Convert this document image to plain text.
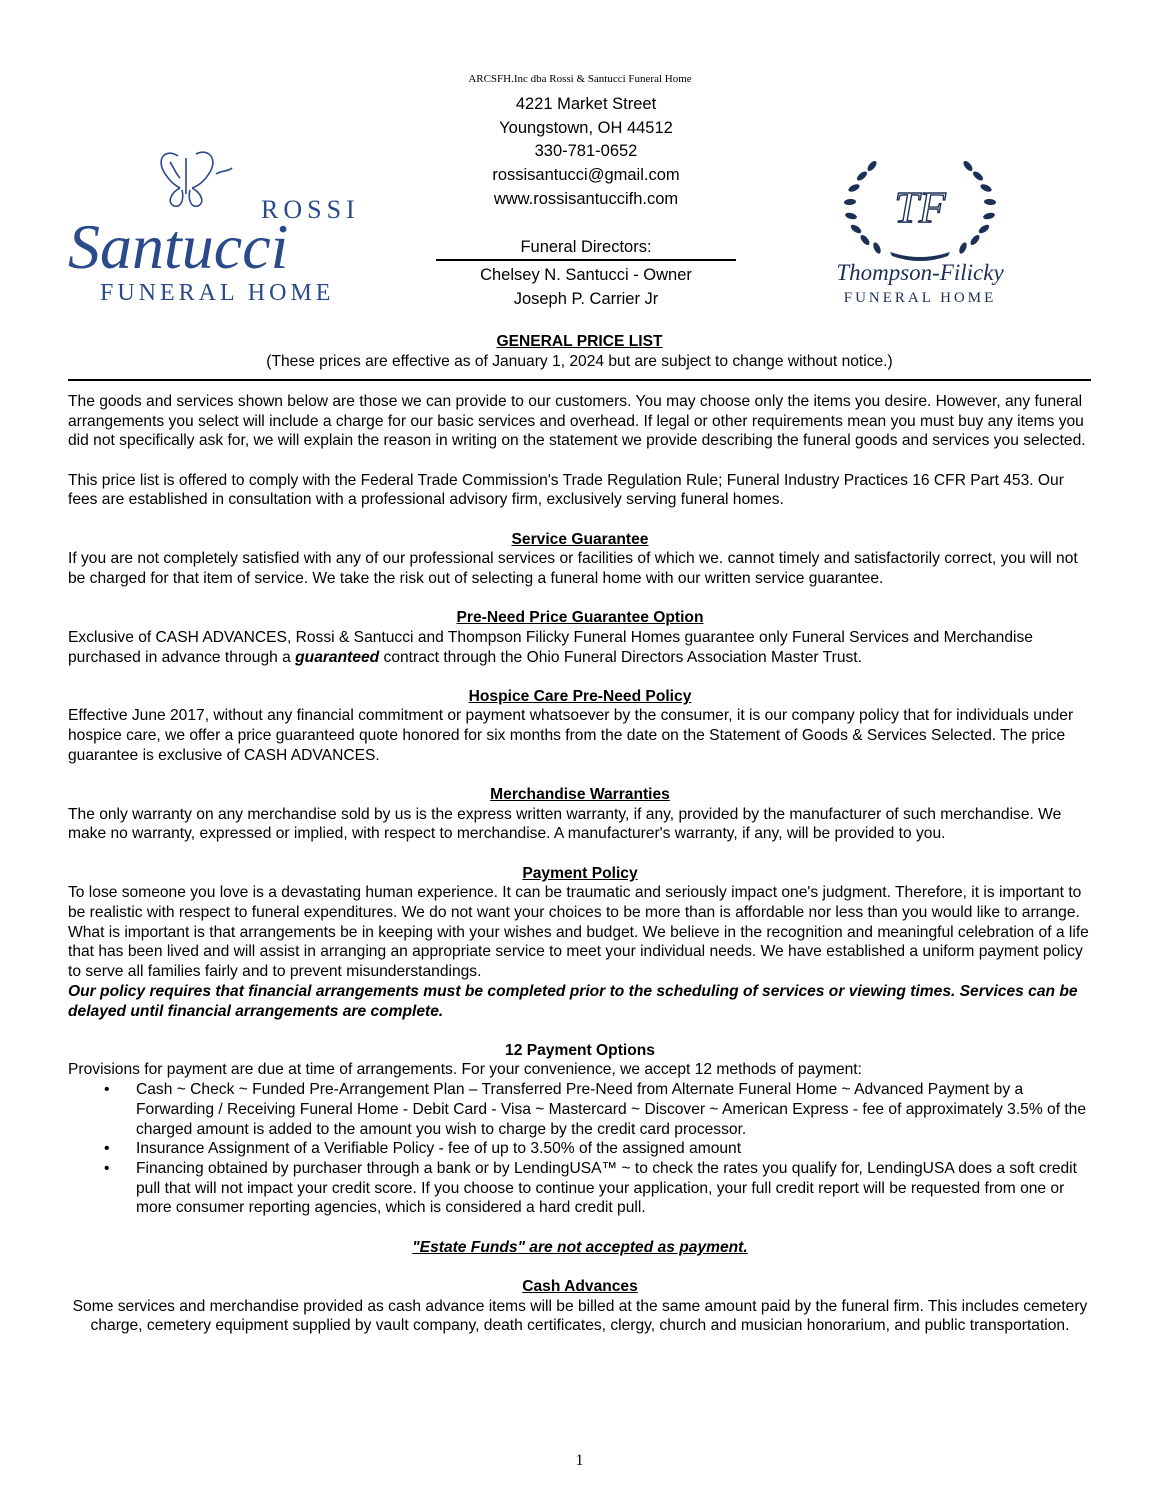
ARCSFH.Inc dba Rossi & Santucci Funeral Home
4221 Market Street
Youngstown, OH 44512
330-781-0652
rossisantucci@gmail.com
www.rossisantuccifh.com
Funeral Directors:
Chelsey N. Santucci - Owner
Joseph P. Carrier Jr
ROSSI
Santucci
FUNERAL HOME
TF
Thompson-Filicky
FUNERAL HOME
GENERAL PRICE LIST
(These prices are effective as of January 1, 2024 but are subject to change without notice.)

The goods and services shown below are those we can provide to our customers. You may choose only the items you desire. However, any funeral arrangements you select will include a charge for our basic services and overhead. If legal or other requirements mean you must buy any items you did not specifically ask for, we will explain the reason in writing on the statement we provide describing the funeral goods and services you selected.

This price list is offered to comply with the Federal Trade Commission's Trade Regulation Rule; Funeral Industry Practices 16 CFR Part 453. Our fees are established in consultation with a professional advisory firm, exclusively serving funeral homes.

Service Guarantee

If you are not completely satisfied with any of our professional services or facilities of which we. cannot timely and satisfactorily correct, you will not be charged for that item of service. We take the risk out of selecting a funeral home with our written service guarantee.

Pre-Need Price Guarantee Option

Exclusive of CASH ADVANCES, Rossi & Santucci and Thompson Filicky Funeral Homes guarantee only Funeral Services and Merchandise purchased in advance through a guaranteed contract through the Ohio Funeral Directors Association Master Trust.

Hospice Care Pre-Need Policy

Effective June 2017, without any financial commitment or payment whatsoever by the consumer, it is our company policy that for individuals under hospice care, we offer a price guaranteed quote honored for six months from the date on the Statement of Goods & Services Selected. The price guarantee is exclusive of CASH ADVANCES.

Merchandise Warranties

The only warranty on any merchandise sold by us is the express written warranty, if any, provided by the manufacturer of such merchandise. We make no warranty, expressed or implied, with respect to merchandise. A manufacturer's warranty, if any, will be provided to you.

Payment Policy

To lose someone you love is a devastating human experience. It can be traumatic and seriously impact one's judgment. Therefore, it is important to be realistic with respect to funeral expenditures. We do not want your choices to be more than is affordable nor less than you would like to arrange. What is important is that arrangements be in keeping with your wishes and budget. We believe in the recognition and meaningful celebration of a life that has been lived and will assist in arranging an appropriate service to meet your individual needs. We have established a uniform payment policy to serve all families fairly and to prevent misunderstandings.

Our policy requires that financial arrangements must be completed prior to the scheduling of services or viewing times. Services can be delayed until financial arrangements are complete.

12 Payment Options

Provisions for payment are due at time of arrangements. For your convenience, we accept 12 methods of payment:

• Cash ~ Check ~ Funded Pre-Arrangement Plan – Transferred Pre-Need from Alternate Funeral Home ~ Advanced Payment by a Forwarding / Receiving Funeral Home - Debit Card - Visa ~ Mastercard ~ Discover ~ American Express - fee of approximately 3.5% of the charged amount is added to the amount you wish to charge by the credit card processor.
• Insurance Assignment of a Verifiable Policy - fee of up to 3.50% of the assigned amount
• Financing obtained by purchaser through a bank or by LendingUSA™ ~ to check the rates you qualify for, LendingUSA does a soft credit pull that will not impact your credit score. If you choose to continue your application, your full credit report will be requested from one or more consumer reporting agencies, which is considered a hard credit pull.

"Estate Funds" are not accepted as payment.

Cash Advances

Some services and merchandise provided as cash advance items will be billed at the same amount paid by the funeral firm. This includes cemetery charge, cemetery equipment supplied by vault company, death certificates, clergy, church and musician honorarium, and public transportation.

1
